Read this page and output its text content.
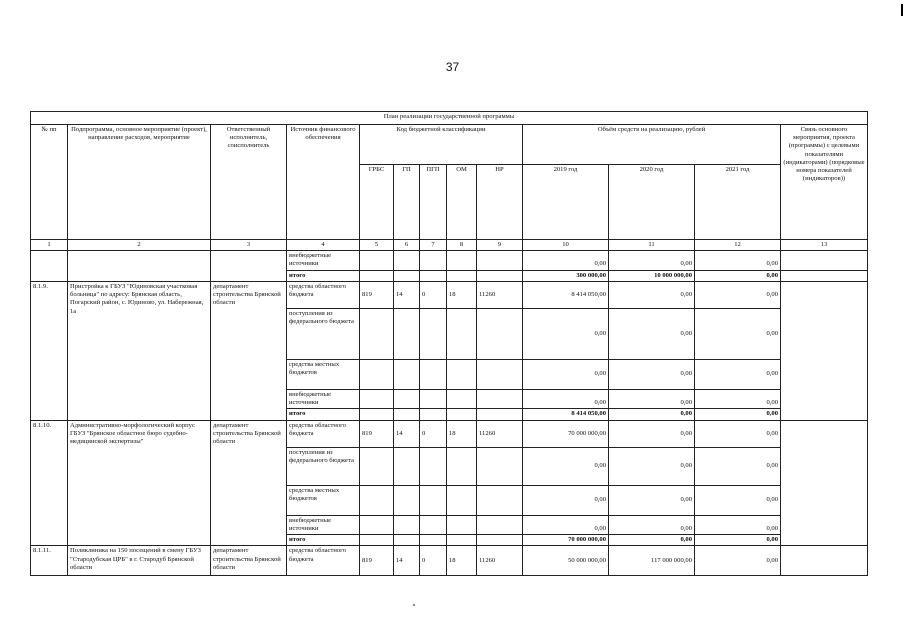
37
План реализации государственной программы												
№ пп	Подпрограмма, основное мероприятие (проект), направление расходов, мероприятие	Ответственный исполнитель, соисполнитель	Источник финансового обеспечения	Код бюджетной классификации					Объём средств на реализацию, рублей			Связь основного мероприятия, проекта (программы) с целевыми показателями (индикаторами) (порядковые номера показателей (индикаторов))
				ГРБС	ГП	ПГП	ОМ	НР	2019 год	2020 год	2021 год	
1	2	3	4	5	6	7	8	9	10	11	12	13
			внебюджетные источники						0,00	0,00	0,00	
			итого						300 000,00	10 000 000,00	0,00	
8.1.9.	Пристройка к ГБУЗ "Юдиновская участковая больница" по адресу: Брянская область, Погарский район, с. Юдиново, ул. Набережная, 1а	департамент строительства Брянской области	средства областного бюджета	819	14	0	18	11260	8 414 050,00	0,00	0,00	
			поступления из федерального бюджета						0,00	0,00	0,00	
			средства местных бюджетов						0,00	0,00	0,00	
			внебюджетные источники						0,00	0,00	0,00	
			итого						8 414 050,00	0,00	0,00	
8.1.10.	Административно-морфологический корпус ГБУЗ "Брянское областное бюро судебно-медицинской экспертизы"	департамент строительства Брянской области	средства областного бюджета	819	14	0	18	11260	70 000 000,00	0,00	0,00	
			поступления из федерального бюджета						0,00	0,00	0,00	
			средства местных бюджетов						0,00	0,00	0,00	
			внебюджетные источники						0,00	0,00	0,00	
			итого						70 000 000,00	0,00	0,00	
8.1.11.	Поликлиника на 150 посещений в смену ГБУЗ "Стародубская ЦРБ" в г. Стародуб Брянской области	департамент строительства Брянской области	средства областного бюджета	819	14	0	18	11260	50 000 000,00	117 000 000,00	0,00	
